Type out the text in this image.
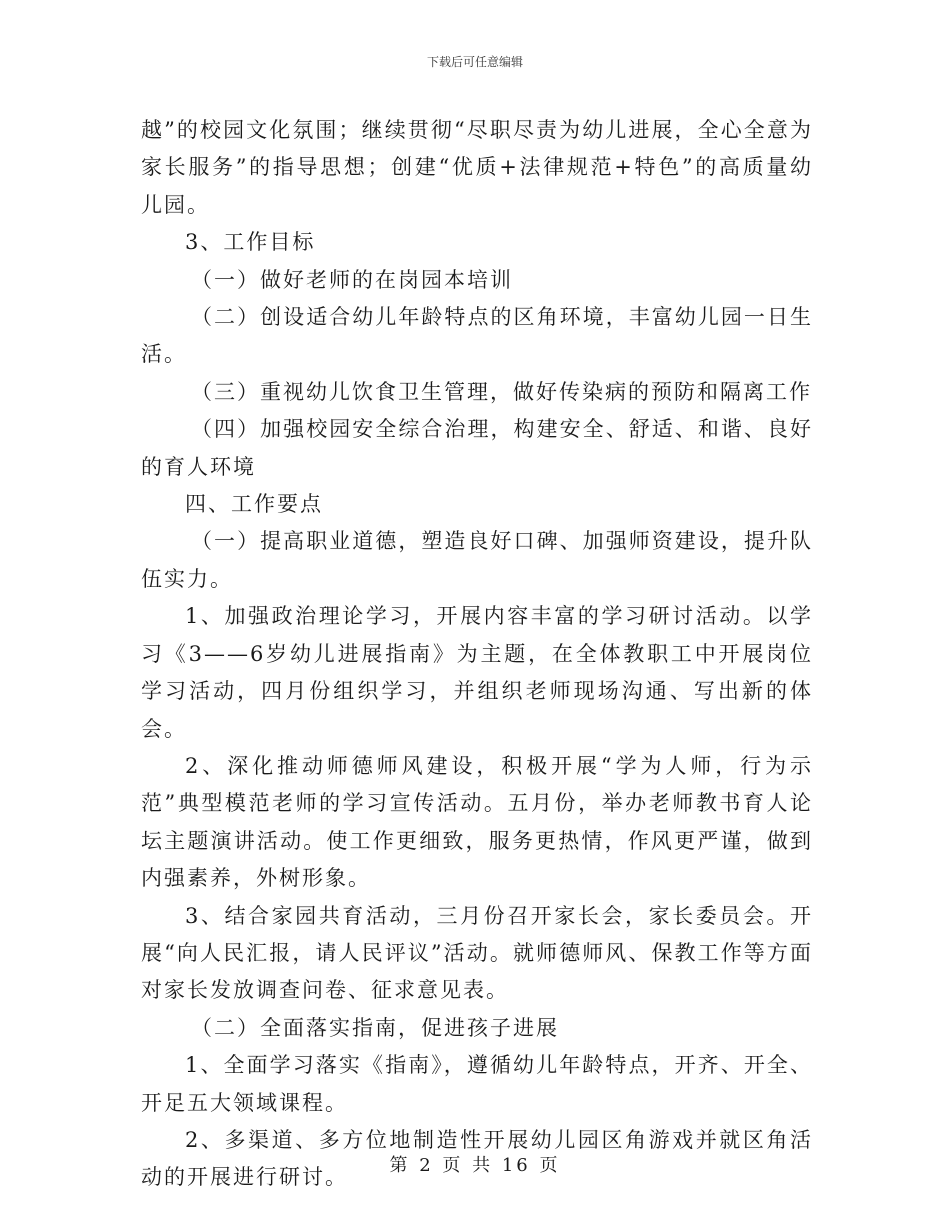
下载后可任意编辑

越”的校园文化氛围；继续贯彻“尽职尽责为幼儿进展，全心全意为家长服务”的指导思想；创建“优质+法律规范+特色”的高质量幼儿园。

3、工作目标

（一）做好老师的在岗园本培训

（二）创设适合幼儿年龄特点的区角环境，丰富幼儿园一日生活。

（三）重视幼儿饮食卫生管理，做好传染病的预防和隔离工作

（四）加强校园安全综合治理，构建安全、舒适、和谐、良好的育人环境

四、工作要点

（一）提高职业道德，塑造良好口碑、加强师资建设，提升队伍实力。

1、加强政治理论学习，开展内容丰富的学习研讨活动。以学习《3——6岁幼儿进展指南》为主题，在全体教职工中开展岗位学习活动，四月份组织学习，并组织老师现场沟通、写出新的体会。

2、深化推动师德师风建设，积极开展“学为人师，行为示范”典型模范老师的学习宣传活动。五月份，举办老师教书育人论坛主题演讲活动。使工作更细致，服务更热情，作风更严谨，做到内强素养，外树形象。

3、结合家园共育活动，三月份召开家长会，家长委员会。开展“向人民汇报，请人民评议”活动。就师德师风、保教工作等方面对家长发放调查问卷、征求意见表。

（二）全面落实指南，促进孩子进展

1、全面学习落实《指南》，遵循幼儿年龄特点，开齐、开全、开足五大领域课程。

2、多渠道、多方位地制造性开展幼儿园区角游戏并就区角活动的开展进行研讨。	第 2 页 共 16 页
